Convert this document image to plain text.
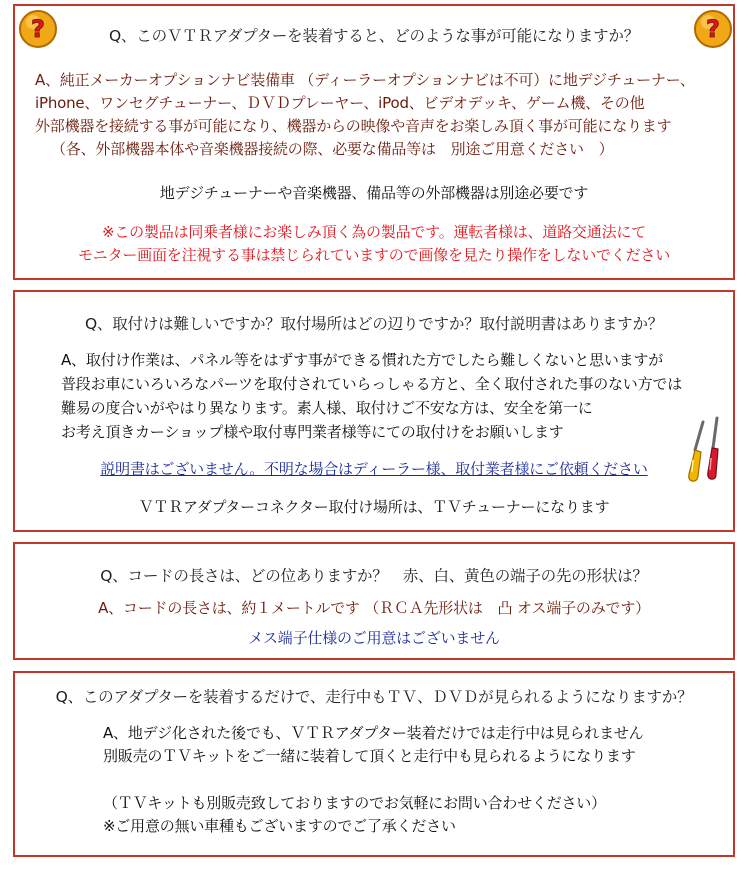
?	?
Q、このＶＴＲアダプターを装着すると、どのような事が可能になりますか？
A、純正メーカーオプションナビ装備車 （ディーラーオプションナビは不可）に地デジチューナー、
iPhone、ワンセグチューナー、ＤＶＤプレーヤー、iPod、ビデオデッキ、ゲーム機、その他
外部機器を接続する事が可能になり、機器からの映像や音声をお楽しみ頂く事が可能になります
（各、外部機器本体や音楽機器接続の際、必要な備品等は　別途ご用意ください　）
地デジチューナーや音楽機器、備品等の外部機器は別途必要です
※この製品は同乗者様にお楽しみ頂く為の製品です。運転者様は、道路交通法にて
モニター画面を注視する事は禁じられていますので画像を見たり操作をしないでください
Q、取付けは難しいですか？取付場所はどの辺りですか？取付説明書はありますか？
A、取付け作業は、パネル等をはずす事ができる慣れた方でしたら難しくないと思いますが
普段お車にいろいろなパーツを取付されていらっしゃる方と、全く取付された事のない方では
難易の度合いがやはり異なります。素人様、取付けご不安な方は、安全を第一に
お考え頂きカーショップ様や取付専門業者様等にての取付けをお願いします
説明書はございません。不明な場合はディーラー様、取付業者様にご依頼ください
ＶＴＲアダプターコネクター取付け場所は、ＴＶチューナーになります
Q、コードの長さは、どの位ありますか？　赤、白、黄色の端子の先の形状は？
A、コードの長さは、約１メートルです （ＲＣＡ先形状は　凸 オス端子のみです）
メス端子仕様のご用意はございません
Q、このアダプターを装着するだけで、走行中もＴＶ、ＤＶＤが見られるようになりますか？
A、地デジ化された後でも、ＶＴＲアダプター装着だけでは走行中は見られません
別販売のＴＶキットをご一緒に装着して頂くと走行中も見られるようになります
（ＴＶキットも別販売致しておりますのでお気軽にお問い合わせください）
※ご用意の無い車種もございますのでご了承ください
